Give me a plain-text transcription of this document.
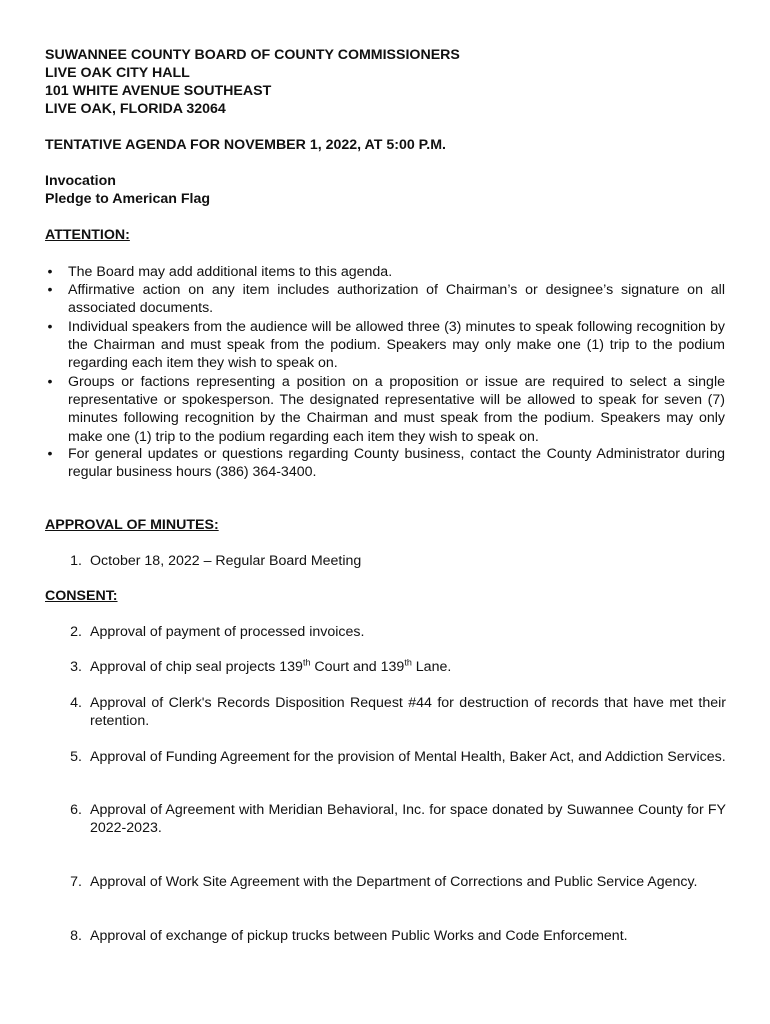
SUWANNEE COUNTY BOARD OF COUNTY COMMISSIONERS
LIVE OAK CITY HALL
101 WHITE AVENUE SOUTHEAST
LIVE OAK, FLORIDA 32064
TENTATIVE AGENDA FOR NOVEMBER 1, 2022, AT 5:00 P.M.
Invocation
Pledge to American Flag
ATTENTION:
• The Board may add additional items to this agenda.
• Affirmative action on any item includes authorization of Chairman’s or designee’s signature on all associated documents.
• Individual speakers from the audience will be allowed three (3) minutes to speak following recognition by the Chairman and must speak from the podium. Speakers may only make one (1) trip to the podium regarding each item they wish to speak on.
• Groups or factions representing a position on a proposition or issue are required to select a single representative or spokesperson. The designated representative will be allowed to speak for seven (7) minutes following recognition by the Chairman and must speak from the podium. Speakers may only make one (1) trip to the podium regarding each item they wish to speak on.
• For general updates or questions regarding County business, contact the County Administrator during regular business hours (386) 364-3400.
APPROVAL OF MINUTES:
1. October 18, 2022 – Regular Board Meeting
CONSENT:
2. Approval of payment of processed invoices.
3. Approval of chip seal projects 139th Court and 139th Lane.
4. Approval of Clerk's Records Disposition Request #44 for destruction of records that have met their retention.
5. Approval of Funding Agreement for the provision of Mental Health, Baker Act, and Addiction Services.
6. Approval of Agreement with Meridian Behavioral, Inc. for space donated by Suwannee County for FY 2022-2023.
7. Approval of Work Site Agreement with the Department of Corrections and Public Service Agency.
8. Approval of exchange of pickup trucks between Public Works and Code Enforcement.
